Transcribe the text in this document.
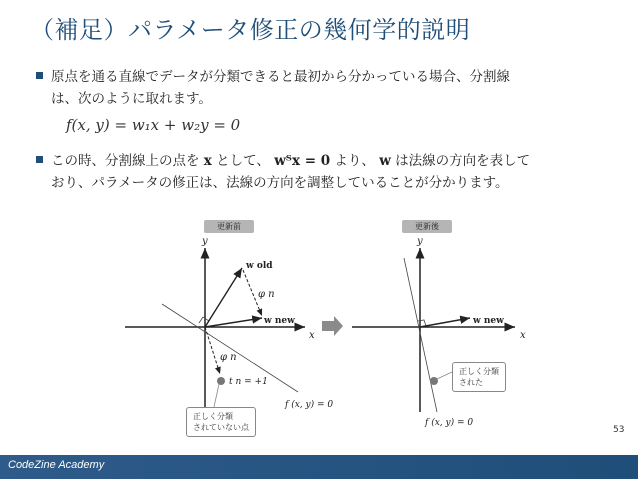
（補足）パラメータ修正の幾何学的説明
原点を通る直線でデータが分類できると最初から分かっている場合、分割線
は、次のように取れます。
f(x, y) = w₁x + w₂y = 0
この時、分割線上の点を x として、 wᵀx = 0 より、 w は法線の方向を表して
おり、パラメータの修正は、法線の方向を調整していることが分かります。
y
x
y
x
w old
w new	w new
φ n
φ n
t n = +1
f (x, y) = 0
f (x, y) = 0
更新前	更新後
正しく分類
されていない点
正しく分類
された
53
CodeZine Academy
